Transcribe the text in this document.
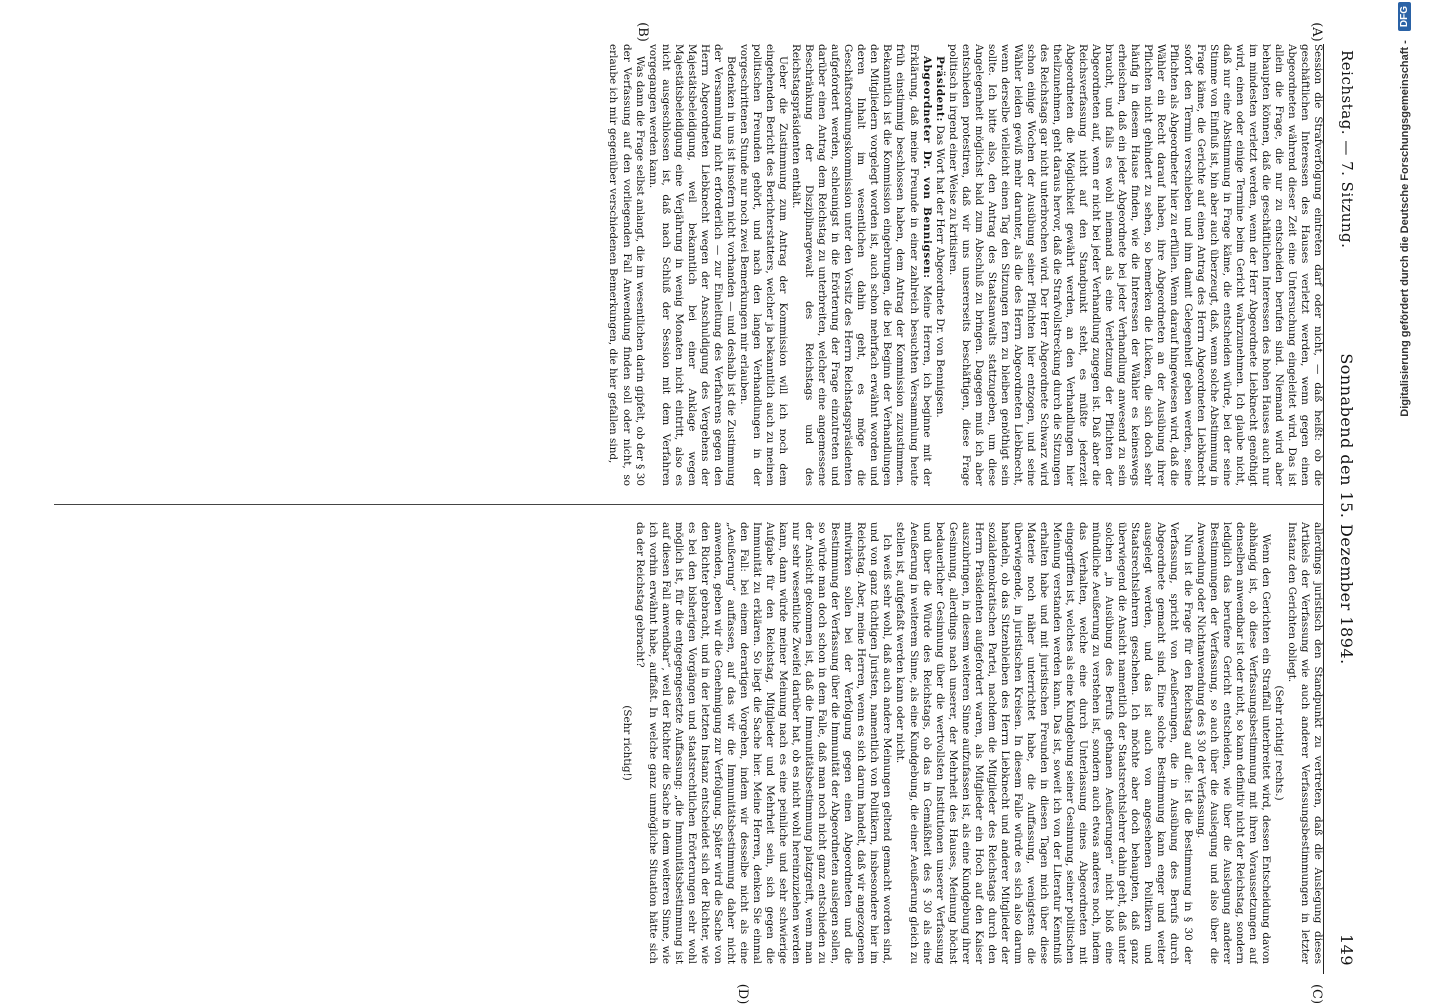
Reichstag. — 7. Sitzung.
Sonnabend den 15. Dezember 1894.
149
(A)
(B)
(C)
(D)

Session die Strafverfolgung eintreten darf oder nicht, — daß heißt: ob die geschäftlichen Interessen des Hauses verletzt werden, wenn gegen einen Abgeordneten während dieser Zeit eine Untersuchung eingeleitet wird. Das ist allein die Frage, die nur zu entscheiden berufen sind. Niemand wird aber behaupten können, daß die geschäftlichen Interessen des hohen Hauses auch nur im mindesten verletzt werden, wenn der Herr Abgeordnete Liebknecht genöthigt wird, einen oder einige Termine beim Gericht wahrzunehmen. Ich glaube nicht, daß nur eine Abstimmung in Frage käme, die entscheiden würde, bei der seine Stimme von Einfluß ist, bin aber auch überzeugt, daß, wenn solche Abstimmung in Frage käme, die Gerichte auf einen Antrag des Herrn Abgeordneten Liebknecht sofort den Termin verschieben und ihm damit Gelegenheit geben werden, seine Pflichten als Abgeordneter hier zu erfüllen. Wenn darauf hingewiesen wird, daß die Wähler ein Recht darauf haben, ihre Abgeordneten an der Ausübung ihrer Pflichten nicht gehindert zu sehen, so bemerken die Lücken, die sich doch sehr häufig in diesem Hause finden, wie die Interessen der Wähler es keineswegs erheischen, daß ein jeder Abgeordnete bei jeder Verhandlung anwesend zu sein braucht, und falls es wohl niemand als eine Verletzung der Pflichten der Abgeordneten auf, wenn er nicht bei jeder Verhandlung zugegen ist. Daß aber die Reichsverfassung nicht auf den Standpunkt steht, es müßte jederzeit Abgeordneten die Möglichkeit gewährt werden, an den Verhandlungen hier theilzunehmen, geht daraus hervor, daß die Strafvollstreckung durch die Sitzungen des Reichstags gar nicht unterbrochen wird. Der Herr Abgeordnete Schwarz wird schon einige Wochen der Ausübung seiner Pflichten hier entzogen, und seine Wähler leiden gewiß mehr darunter, als die des Herrn Abgeordneten Liebknecht, wenn derselbe vielleicht einen Tag den Sitzungen fern zu bleiben genöthigt sein sollte. Ich bitte also, den Antrag des Staatsanwalts stattzugeben, um diese Angelegenheit möglichst bald zum Abschluß zu bringen. Dagegen muß ich aber entschieden protestiren, daß wir uns unsererseits beschäftigen, diese Frage politisch in irgend einer Weise zu kritisiren.

Präsident: Das Wort hat der Herr Abgeordnete Dr. von Bennigsen.

Abgeordneter Dr. von Bennigsen: Meine Herren, ich beginne mit der Erklärung, daß meine Freunde in einer zahlreich besuchten Versammlung heute früh einstimmig beschlossen haben, dem Antrag der Kommission zuzustimmen. Bekanntlich ist die Kommission eingebrungen, die bei Beginn der Verhandlungen den Mitgliedern vorgelegt worden ist, auch schon mehrfach erwähnt worden und deren Inhalt im wesentlichen dahin geht, es möge die Geschäftsordnungskommission unter den Vorsitz des Herrn Reichstagspräsidenten aufgefordert werden, schleunigst in die Erörterung der Frage einzutreten und darüber einen Antrag dem Reichstag zu unterbreiten, welcher eine angemessene Beschränkung der Disziplinargewalt des Reichstags und des Reichstagspräsidenten enthält.

Ueber die Zustimmung zum Antrag der Kommission will ich noch dem eingehenden Bericht des Berichterstatters, welcher ja bekanntlich auch zu meinen politischen Freunden gehört, und nach den langen Verhandlungen in der vorgeschrittenen Stunde nur noch zwei Bemerkungen mir erlauben.

Bedenken in uns ist insofern nicht vorhanden — und deshalb ist die Zustimmung der Versammlung nicht erforderlich — zur Einleitung des Verfahrens gegen den Herrn Abgeordneten Liebknecht wegen der Anschuldigung des Vergehens der Majestätsbeleidigung, weil bekanntlich bei einer Anklage wegen Majestätsbeleidigung eine Verjährung in wenig Monaten nicht eintritt, also es nicht ausgeschlossen ist, daß nach Schluß der Session mit dem Verfahren vorgegangen werden kann.

Was dann die Frage selbst anlangt, die im wesentlichen darin gipfelt, ob der § 30 der Verfassung auf den vorliegenden Fall Anwendung finden soll oder nicht, so erlaube ich mir gegenüber verschiedenen Bemerkungen, die hier gefallen sind,

allerdings juristisch den Standpunkt zu vertreten, daß die Auslegung dieses Artikels der Verfassung wie auch anderer Verfassungsbestimmungen in letzter Instanz den Gerichten obliegt.

(Sehr richtig! rechts.)

Wenn den Gerichten ein Straffall unterbreitet wird, dessen Entscheidung davon abhängig ist, ob diese Verfassungsbestimmung mit ihren Voraussetzungen auf denselben anwendbar ist oder nicht, so kann definitiv nicht der Reichstag, sondern lediglich das berufene Gericht entscheiden, wie über die Auslegung anderer Bestimmungen der Verfassung, so auch über die Auslegung und also über die Anwendung oder Nichtanwendung des § 30 der Verfassung.

Nun ist die Frage für den Reichstag auf die: Ist die Bestimmung in § 30 der Verfassung, spricht von Aeußerungen, die in Ausübung des Berufs durch Abgeordnete gemacht sind. Eine solche Bestimmung kann enger und weiter ausgelegt werden, und das ist auch von angesehenen Politikern und Staatsrechtslehrern geschehen. Ich möchte aber doch behaupten, daß ganz überwiegend die Ansicht namentlich der Staatsrechtslehrer dahin geht, daß unter solchen „in Ausübung des Berufs gethanen Aeußerungen“ nicht bloß eine mündliche Aeußerung zu verstehen ist, sondern auch etwas anderes noch, indem das Verhalten, welche eine durch Unterlassung eines Abgeordneten mit eingegriffen ist, welches als eine Kundgebung seiner Gesinnung, seiner politischen Meinung verstanden werden kann. Das ist, soweit ich von der Literatur Kenntniß erhalten habe und mit juristischen Freunden in diesen Tagen mich über diese Materie noch näher unterrichtet habe, die Auffassung, wenigstens die überwiegende, in juristischen Kreisen. In diesem Falle würde es sich also darum handeln, ob das Sitzenbleiben des Herrn Liebknecht und anderer Mitglieder der sozialdemokratischen Partei, nachdem die Mitglieder des Reichstags durch den Herrn Präsidenten aufgefordert waren, als Mitglieder ein Hoch auf den Kaiser auszubringen, in diesem weiteren Sinne aufzufassen ist, als eine Kundgebung ihrer Gesinnung, allerdings nach unserer, der Mehrheit des Hauses, Meinung höchst bedauerlicher Gesinnung über die wertvollsten Institutionen unserer Verfassung und über die Würde des Reichstags, ob das in Gemäßheit des § 30 als eine Aeußerung in weiterem Sinne, als eine Kundgebung, die einer Aeußerung gleich zu stellen ist, aufgefaßt werden kann oder nicht.

Ich weiß sehr wohl, daß auch andere Meinungen geltend gemacht worden sind, und von ganz tüchtigen Juristen, namentlich von Politikern, insbesondere hier im Reichstag. Aber, meine Herren, wenn es sich darum handelt, daß wir angezogenen mitwirken sollen bei der Verfolgung gegen einen Abgeordneten und die Bestimmung der Verfassung über die Immunität der Abgeordneten auslegen sollen, so würde man doch schon in dem Falle, daß man noch nicht ganz entschieden zu der Ansicht gekommen ist, daß die Immunitätsbestimmung platzgreift, wenn man nur sehr wesentliche Zweifel darüber hat, ob es nicht wohl hereinzuziehen werden kann, dann würde meiner Meinung nach es eine peinliche und sehr schwierige Aufgabe für den Reichstag, Mitglieder und Mehrheit sein, sich gegen die Immunität zu erklären. So liegt die Sache hier. Meine Herren, denken Sie einmal den Fall: bei einem derartigen Vorgehen, indem wir desselbe nicht als eine „Aeußerung“ auffassen, auf das wir die Immunitätsbestimmung daher nicht anwenden, geben wir die Genehmigung zur Verfolgung. Später wird die Sache von den Richter gebracht, und in der letzten Instanz entscheidet sich der Richter, wie es bei den bisherigen Vorgängen und staatsrechtlichen Erörterungen sehr wohl möglich ist, für die entgegengesetzte Auffassung: „die Immunitätsbestimmung ist auf diesen Fall anwendbar“, weil der Richter die Sache in dem weiteren Sinne, wie ich vorhin erwähnt habe, auffaßt. In welche ganz unmögliche Situation hätte sich da der Reichstag gebracht?

(Sehr richtig!)

Digitalisierung gefördert durch die Deutsche Forschungsgemeinschaft - DFG
